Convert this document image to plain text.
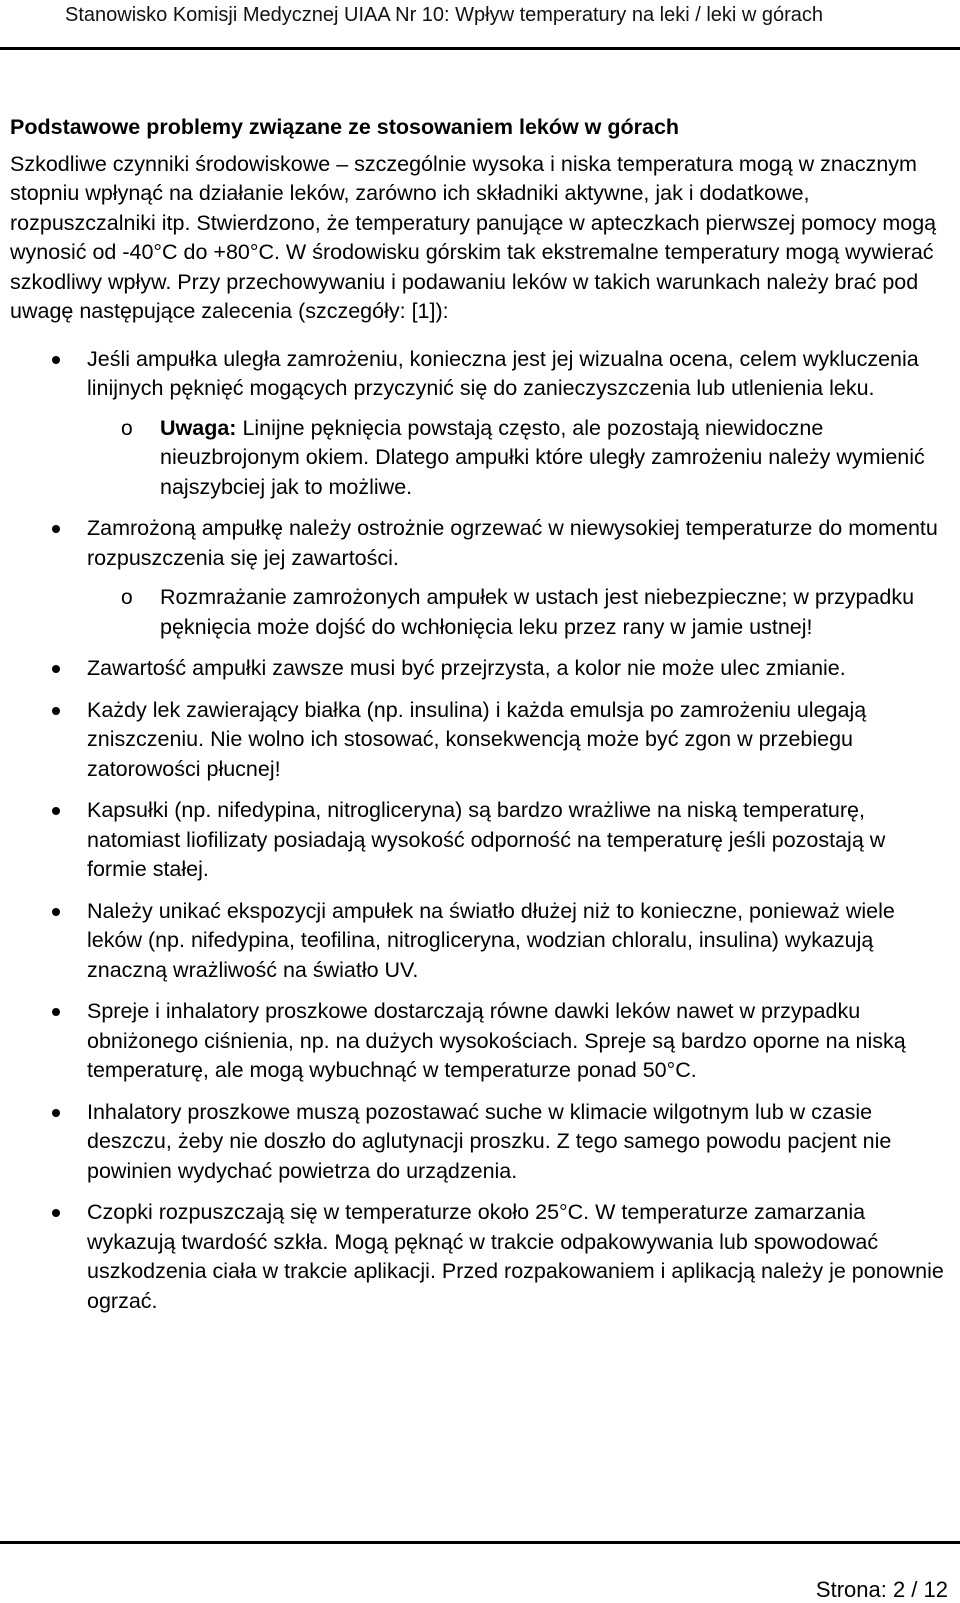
Stanowisko Komisji Medycznej UIAA Nr 10: Wpływ temperatury na leki / leki w górach
Podstawowe problemy związane ze stosowaniem leków w górach

Szkodliwe czynniki środowiskowe – szczególnie wysoka i niska temperatura mogą w znacznym stopniu wpłynąć na działanie leków, zarówno ich składniki aktywne, jak i dodatkowe, rozpuszczalniki itp. Stwierdzono, że temperatury panujące w apteczkach pierwszej pomocy mogą wynosić od -40°C do +80°C. W środowisku górskim tak ekstremalne temperatury mogą wywierać szkodliwy wpływ. Przy przechowywaniu i podawaniu leków w takich warunkach należy brać pod uwagę następujące zalecenia (szczegóły: [1]):

Jeśli ampułka uległa zamrożeniu, konieczna jest jej wizualna ocena, celem wykluczenia linijnych pęknięć mogących przyczynić się do zanieczyszczenia lub utlenienia leku.
o Uwaga: Linijne pęknięcia powstają często, ale pozostają niewidoczne nieuzbrojonym okiem. Dlatego ampułki które uległy zamrożeniu należy wymienić najszybciej jak to możliwe.
Zamrożoną ampułkę należy ostrożnie ogrzewać w niewysokiej temperaturze do momentu rozpuszczenia się jej zawartości.
o Rozmrażanie zamrożonych ampułek w ustach jest niebezpieczne; w przypadku pęknięcia może dojść do wchłonięcia leku przez rany w jamie ustnej!
Zawartość ampułki zawsze musi być przejrzysta, a kolor nie może ulec zmianie.
Każdy lek zawierający białka (np. insulina) i każda emulsja po zamrożeniu ulegają zniszczeniu. Nie wolno ich stosować, konsekwencją może być zgon w przebiegu zatorowości płucnej!
Kapsułki (np. nifedypina, nitrogliceryna) są bardzo wrażliwe na niską temperaturę, natomiast liofilizaty posiadają wysokość odporność na temperaturę jeśli pozostają w formie stałej.
Należy unikać ekspozycji ampułek na światło dłużej niż to konieczne, ponieważ wiele leków (np. nifedypina, teofilina, nitrogliceryna, wodzian chloralu, insulina) wykazują znaczną wrażliwość na światło UV.
Spreje i inhalatory proszkowe dostarczają równe dawki leków nawet w przypadku obniżonego ciśnienia, np. na dużych wysokościach. Spreje są bardzo oporne na niską temperaturę, ale mogą wybuchnąć w temperaturze ponad 50°C.
Inhalatory proszkowe muszą pozostawać suche w klimacie wilgotnym lub w czasie deszczu, żeby nie doszło do aglutynacji proszku. Z tego samego powodu pacjent nie powinien wydychać powietrza do urządzenia.
Czopki rozpuszczają się w temperaturze około 25°C. W temperaturze zamarzania wykazują twardość szkła. Mogą pęknąć w trakcie odpakowywania lub spowodować uszkodzenia ciała w trakcie aplikacji. Przed rozpakowaniem i aplikacją należy je ponownie ogrzać.
Strona: 2 / 12
